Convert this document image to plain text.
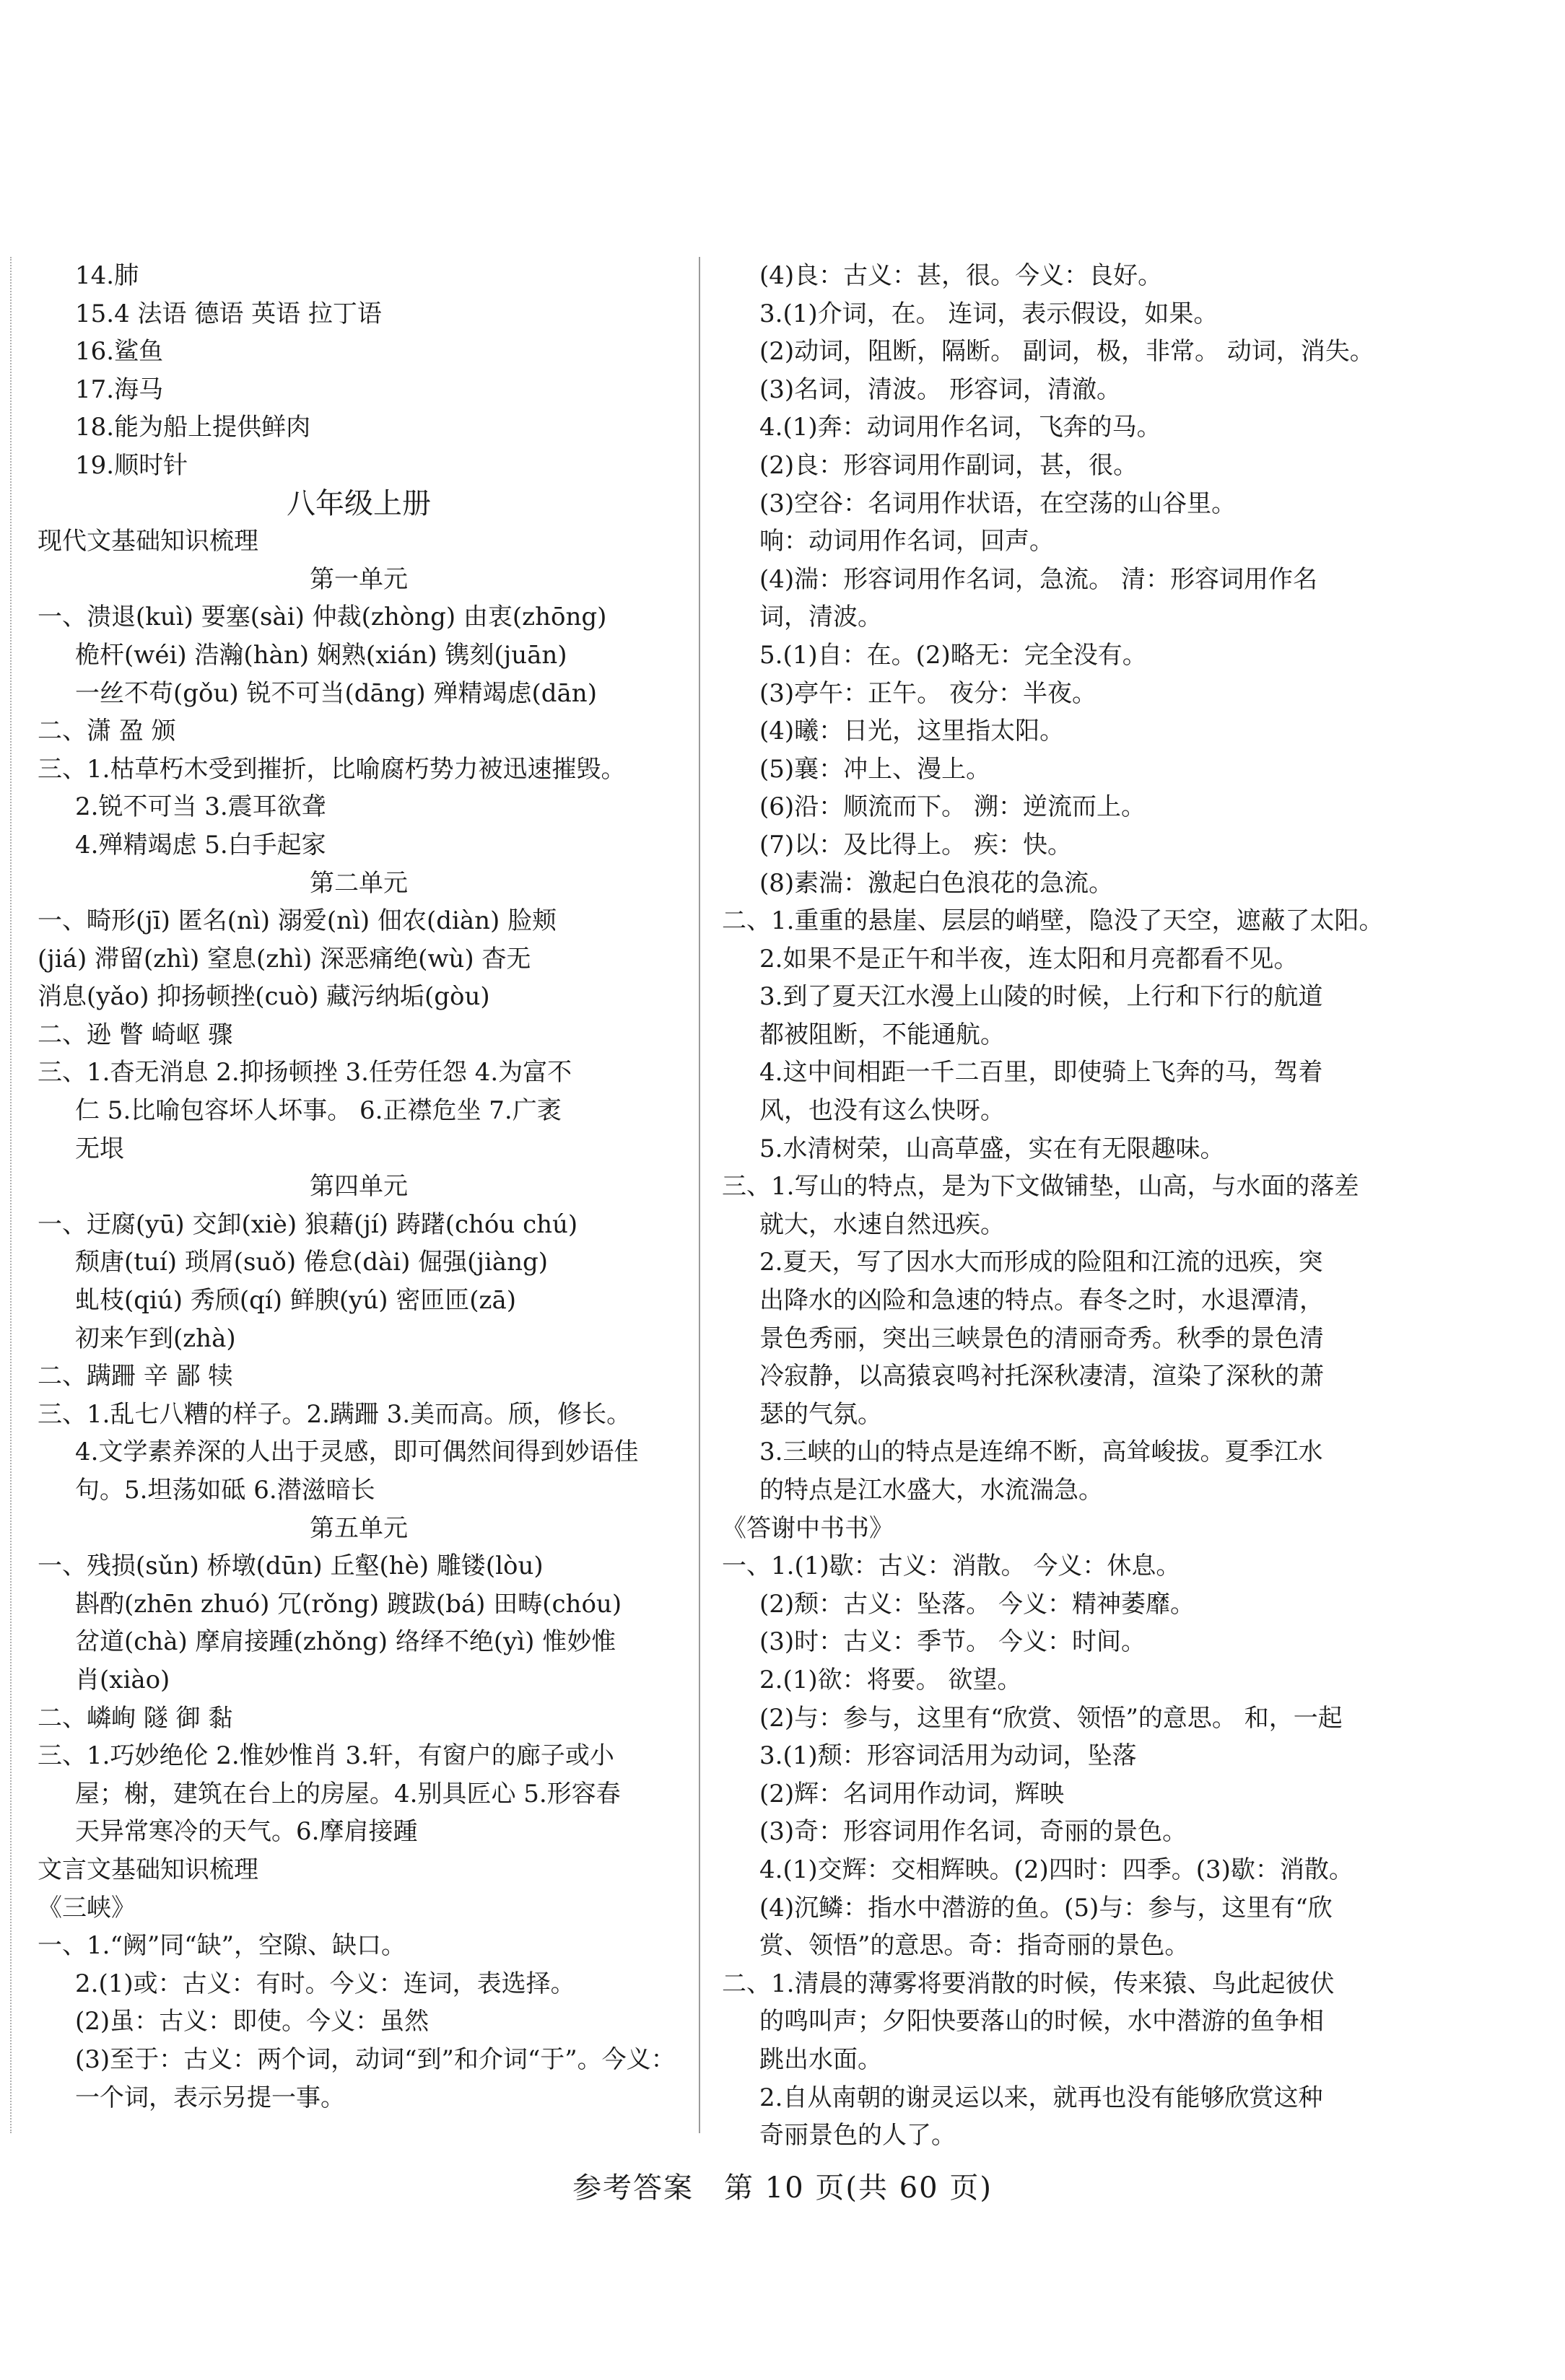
14.肺
15.4 法语 德语 英语 拉丁语
16.鲨鱼
17.海马
18.能为船上提供鲜肉
19.顺时针
八年级上册
现代文基础知识梳理
第一单元
一、溃退(kuì) 要塞(sài) 仲裁(zhòng) 由衷(zhōng)
桅杆(wéi) 浩瀚(hàn) 娴熟(xián) 镌刻(juān)
一丝不苟(gǒu) 锐不可当(dāng) 殚精竭虑(dān)
二、潇 盈 颁
三、1.枯草朽木受到摧折，比喻腐朽势力被迅速摧毁。
2.锐不可当 3.震耳欲聋
4.殚精竭虑 5.白手起家
第二单元
一、畸形(jī) 匿名(nì) 溺爱(nì) 佃农(diàn) 脸颊
(jiá) 滞留(zhì) 窒息(zhì) 深恶痛绝(wù) 杳无
消息(yǎo) 抑扬顿挫(cuò) 藏污纳垢(gòu)
二、逊 瞥 崎岖 骤
三、1.杳无消息 2.抑扬顿挫 3.任劳任怨 4.为富不
仁 5.比喻包容坏人坏事。 6.正襟危坐 7.广袤
无垠
第四单元
一、迂腐(yū) 交卸(xiè) 狼藉(jí) 踌躇(chóu chú)
颓唐(tuí) 琐屑(suǒ) 倦怠(dài) 倔强(jiàng)
虬枝(qiú) 秀颀(qí) 鲜腴(yú) 密匝匝(zā)
初来乍到(zhà)
二、蹒跚 辛 鄙 犊
三、1.乱七八糟的样子。2.蹒跚 3.美而高。颀，修长。
4.文学素养深的人出于灵感，即可偶然间得到妙语佳
句。5.坦荡如砥 6.潜滋暗长
第五单元
一、残损(sǔn) 桥墩(dūn) 丘壑(hè) 雕镂(lòu)
斟酌(zhēn zhuó) 冗(rǒng) 踱跋(bá) 田畴(chóu)
岔道(chà) 摩肩接踵(zhǒng) 络绎不绝(yì) 惟妙惟
肖(xiào)
二、嶙峋 隧 御 黏
三、1.巧妙绝伦 2.惟妙惟肖 3.轩，有窗户的廊子或小
屋；榭，建筑在台上的房屋。4.别具匠心 5.形容春
天异常寒冷的天气。6.摩肩接踵
文言文基础知识梳理
《三峡》
一、1.“阙”同“缺”，空隙、缺口。
2.(1)或：古义：有时。今义：连词，表选择。
(2)虽：古义：即使。今义：虽然
(3)至于：古义：两个词，动词“到”和介词“于”。今义：
一个词，表示另提一事。
(4)良：古义：甚，很。今义：良好。
3.(1)介词，在。 连词，表示假设，如果。
(2)动词，阻断，隔断。 副词，极，非常。 动词，消失。
(3)名词，清波。 形容词，清澈。
4.(1)奔：动词用作名词，飞奔的马。
(2)良：形容词用作副词，甚，很。
(3)空谷：名词用作状语，在空荡的山谷里。
响：动词用作名词，回声。
(4)湍：形容词用作名词，急流。 清：形容词用作名
词，清波。
5.(1)自：在。(2)略无：完全没有。
(3)亭午：正午。 夜分：半夜。
(4)曦：日光，这里指太阳。
(5)襄：冲上、漫上。
(6)沿：顺流而下。 溯：逆流而上。
(7)以：及比得上。 疾：快。
(8)素湍：激起白色浪花的急流。
二、1.重重的悬崖、层层的峭壁，隐没了天空，遮蔽了太阳。
2.如果不是正午和半夜，连太阳和月亮都看不见。
3.到了夏天江水漫上山陵的时候，上行和下行的航道
都被阻断，不能通航。
4.这中间相距一千二百里，即使骑上飞奔的马，驾着
风，也没有这么快呀。
5.水清树荣，山高草盛，实在有无限趣味。
三、1.写山的特点，是为下文做铺垫，山高，与水面的落差
就大，水速自然迅疾。
2.夏天，写了因水大而形成的险阻和江流的迅疾，突
出降水的凶险和急速的特点。春冬之时，水退潭清，
景色秀丽，突出三峡景色的清丽奇秀。秋季的景色清
冷寂静，以高猿哀鸣衬托深秋凄清，渲染了深秋的萧
瑟的气氛。
3.三峡的山的特点是连绵不断，高耸峻拔。夏季江水
的特点是江水盛大，水流湍急。
《答谢中书书》
一、1.(1)歇：古义：消散。 今义：休息。
(2)颓：古义：坠落。 今义：精神萎靡。
(3)时：古义：季节。 今义：时间。
2.(1)欲：将要。 欲望。
(2)与：参与，这里有“欣赏、领悟”的意思。 和，一起
3.(1)颓：形容词活用为动词，坠落
(2)辉：名词用作动词，辉映
(3)奇：形容词用作名词，奇丽的景色。
4.(1)交辉：交相辉映。(2)四时：四季。(3)歇：消散。
(4)沉鳞：指水中潜游的鱼。(5)与：参与，这里有“欣
赏、领悟”的意思。奇：指奇丽的景色。
二、1.清晨的薄雾将要消散的时候，传来猿、鸟此起彼伏
的鸣叫声；夕阳快要落山的时候，水中潜游的鱼争相
跳出水面。
2.自从南朝的谢灵运以来，就再也没有能够欣赏这种
奇丽景色的人了。
参考答案　第 10 页(共 60 页)
